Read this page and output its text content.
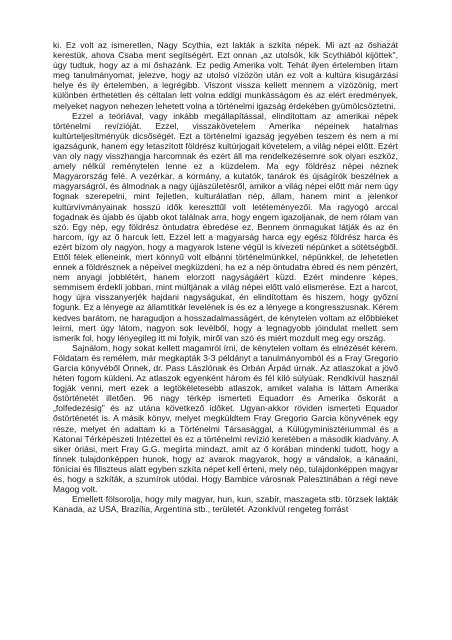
ki. Ez volt az ismeretlen, Nagy Scythia, ezt lakták a szkíta népek. Mi azt az őshazát kerestük, ahova Csaba ment segítségért. Ezt onnan „az utolsók, kik Scythiából kijöttek", úgy tudtuk, hogy az a mi őshazánk. Ez pedig Amerika volt. Tehát ilyen értelemben írtam meg tanulmányomat, jelezve, hogy az utolsó vízözön után ez volt a kultúra kisugárzási helye és ily értelemben, a legrégibb. Viszont vissza kellett mennem a vízözönig, mert különben érthetetlen és céltalan lett volna eddigi munkásságom és az elért eredmények, melyeket nagyon nehezen lehetett volna a történelmi igazság érdekében gyümölcsöztetni.

Ezzel a teóriával, vagy inkább megállapítással, elindítottam az amerikai népek történelmi revízióját. Ezzel, visszakövetelem Amerika népeinek hatalmas kultúrteljesítményük dicsőségét. Ezt a történelmi igazság jegyében teszem és nem a mi igazságunk, hanem egy letaszított földrész kultúrjogait követelem, a világ népei előtt. Ezért van oly nagy visszhangja harcomnak és ezért áll ma rendelkezésemre sok olyan eszköz, amely nélkül reménytelen lenne ez a küzdelem. Ma egy földrész népei néznek Magyarország felé. A vezérkar, a kormány, a kutatók, tanárok és újságírók beszélnek a magyarságról, és álmodnak a nagy újjászületésről, amikor a világ népei előtt már nem úgy fognak szerepelni, mint fejletlen, kulturálatlan nép, állam, hanem mint a jelenkor kultúrvívmányainak hosszú idők kereszttűl volt letéteményezői. Ma ragyogó arccal fogadnak és újabb és újabb okot találnak arra, hogy engem igazoljanak, de nem rólam van szó. Egy nép, egy földrész öntudatra ébredése ez. Bennem önmagukat látják és az én harcom, így az ő harcuk lett. Ezzel lett a magyarság harca egy egész földrész harca és ezért bízom oly nagyon, hogy a magyarok Istene végül is kivezeti népünket a sötétségből. Ettől félek elleneink, mert könnyű volt elbánni történelmünkkel, népünkkel, de lehetetlen ennek a földrésznek a népeivel megküzdeni, ha ez a nép öntudatra ébred és nem pénzért, nem anyagi jobblétért, hanem elorzott nagyságáért küzd. Ezért mindenre képes, semmisem érdekli jobban, mint múltjának a világ népei előtt való elismerése. Ezt a harcot, hogy újra visszanyerjék hajdani nagyságukat, én elindítottam és hiszem, hogy győzni fogunk. Ez a lényege az államtitkár levelének is és ez a lényege a kongresszusnak. Kérem kedves barátom, ne haragudjon a hosszadalmasságért, de kénytelen voltam az előbbieket leírni, mert úgy látom, nagyon sok levélből, hogy a legnagyobb jóindulat mellett sem ismerik fol, hogy lényegileg itt mi folyik, miről van szó és miért mozdult meg egy ország.

Sajnálom, hogy sokat kellett magamról írni, de kénytelen voltam és elnézését kérem. Földatam és remélem, már megkapták 3-3 példányt a tanulmányomból és a Fray Gregorio Garcia könyvéből Önnek, dr. Pass Lászlónak és Orbán Árpád úrnak. Az atlaszokat a jövő héten fogom küldeni. Az atlaszok egyenként három és fél kiló súlyúak. Rendkívül használ fogják venni, mert ezek a legtökéletesebb atlaszok, amiket valaha is láttam Amerika őstörténetét illetően. 96 nagy térkép ismerteti Equadorr és Amerika őskorát a „folfedezésig" és az utána következő időket. Ugyan-akkor röviden ismerteti Equador őstörténetét is. A másik könyv, melyet megküldtem Fray Gregorio Garcia könyvének egy része, melyet én adattam ki a Történelmi Társasággal, a Külügyminisztériummal és a Katonai Térképészeti Intézettel és ez a történelmi revízió keretében a második kiadvány. A siker óriási, mert Fray G.G. megírta mindazt, amit az ő korában mindenki tudott, hogy a finnek tulajdonképpen hunok, hogy az avarok magyarok, hogy a vándalok, a kánaáni, föníciai és filiszteus alatt egyben szkíta népet kell érteni, mely nép, tulajdonképpen magyar és, hogy a szkíták, a szumírok utódai. Hogy Bambice városnak Palesztinában a régi neve Magog volt.

Emellett fölsorolja, hogy mily magyar, hun, kun, szabír, maszageta stb. törzsek lakták Kanada, az USA, Brazília, Argentína stb., területét. Azonkívül rengeteg forrást
